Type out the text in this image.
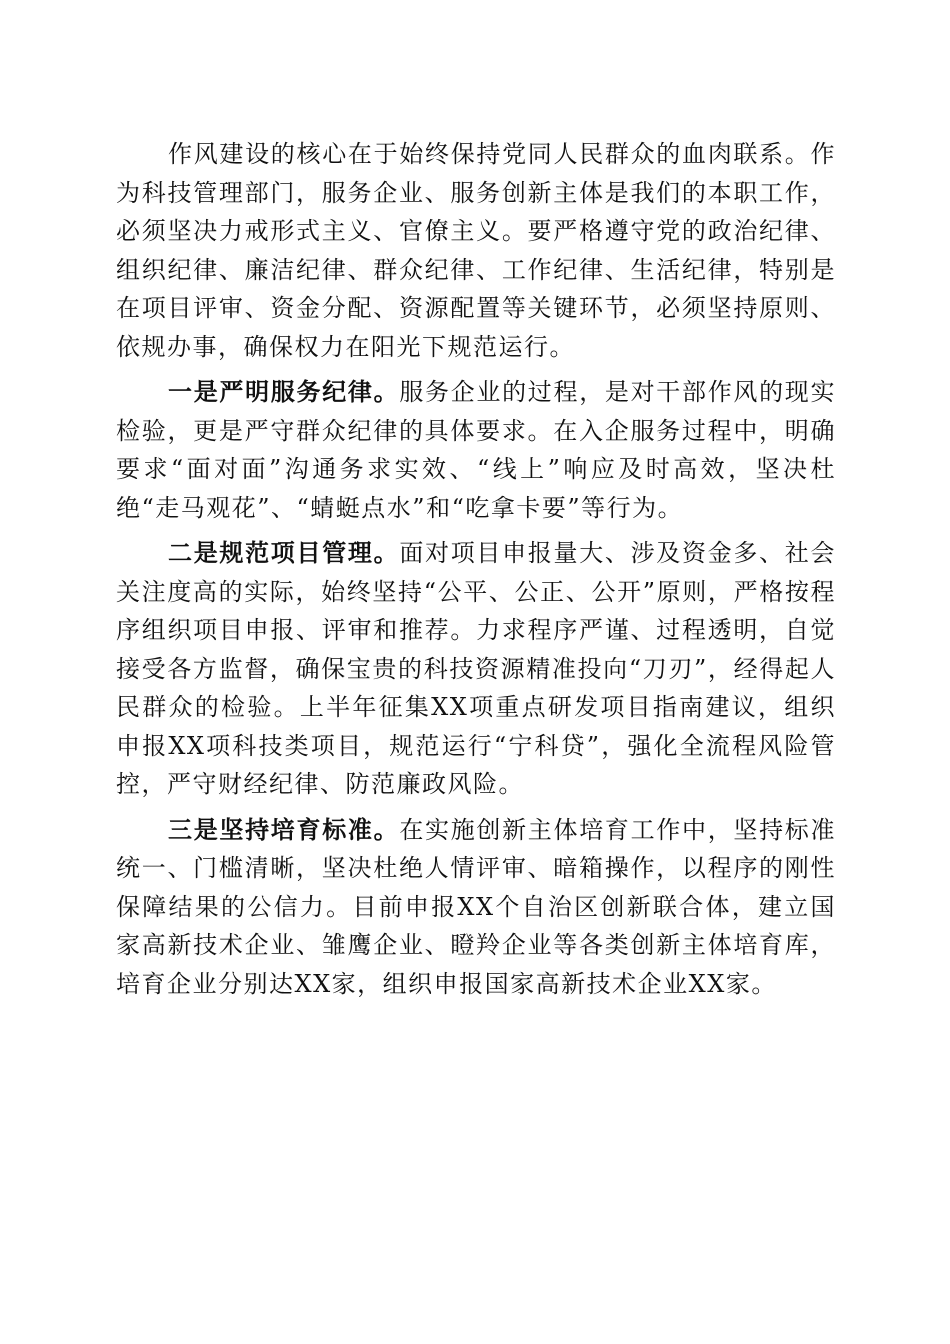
作风建设的核心在于始终保持党同人民群众的血肉联系。作为科技管理部门，服务企业、服务创新主体是我们的本职工作，必须坚决力戒形式主义、官僚主义。要严格遵守党的政治纪律、组织纪律、廉洁纪律、群众纪律、工作纪律、生活纪律，特别是在项目评审、资金分配、资源配置等关键环节，必须坚持原则、依规办事，确保权力在阳光下规范运行。

一是严明服务纪律。服务企业的过程，是对干部作风的现实检验，更是严守群众纪律的具体要求。在入企服务过程中，明确要求“面对面”沟通务求实效、“线上”响应及时高效，坚决杜绝“走马观花”、“蜻蜓点水”和“吃拿卡要”等行为。

二是规范项目管理。面对项目申报量大、涉及资金多、社会关注度高的实际，始终坚持“公平、公正、公开”原则，严格按程序组织项目申报、评审和推荐。力求程序严谨、过程透明，自觉接受各方监督，确保宝贵的科技资源精准投向“刀刃”，经得起人民群众的检验。上半年征集XX项重点研发项目指南建议，组织申报XX项科技类项目，规范运行“宁科贷”，强化全流程风险管控，严守财经纪律、防范廉政风险。

三是坚持培育标准。在实施创新主体培育工作中，坚持标准统一、门槛清晰，坚决杜绝人情评审、暗箱操作，以程序的刚性保障结果的公信力。目前申报XX个自治区创新联合体，建立国家高新技术企业、雏鹰企业、瞪羚企业等各类创新主体培育库，培育企业分别达XX家，组织申报国家高新技术企业XX家。
